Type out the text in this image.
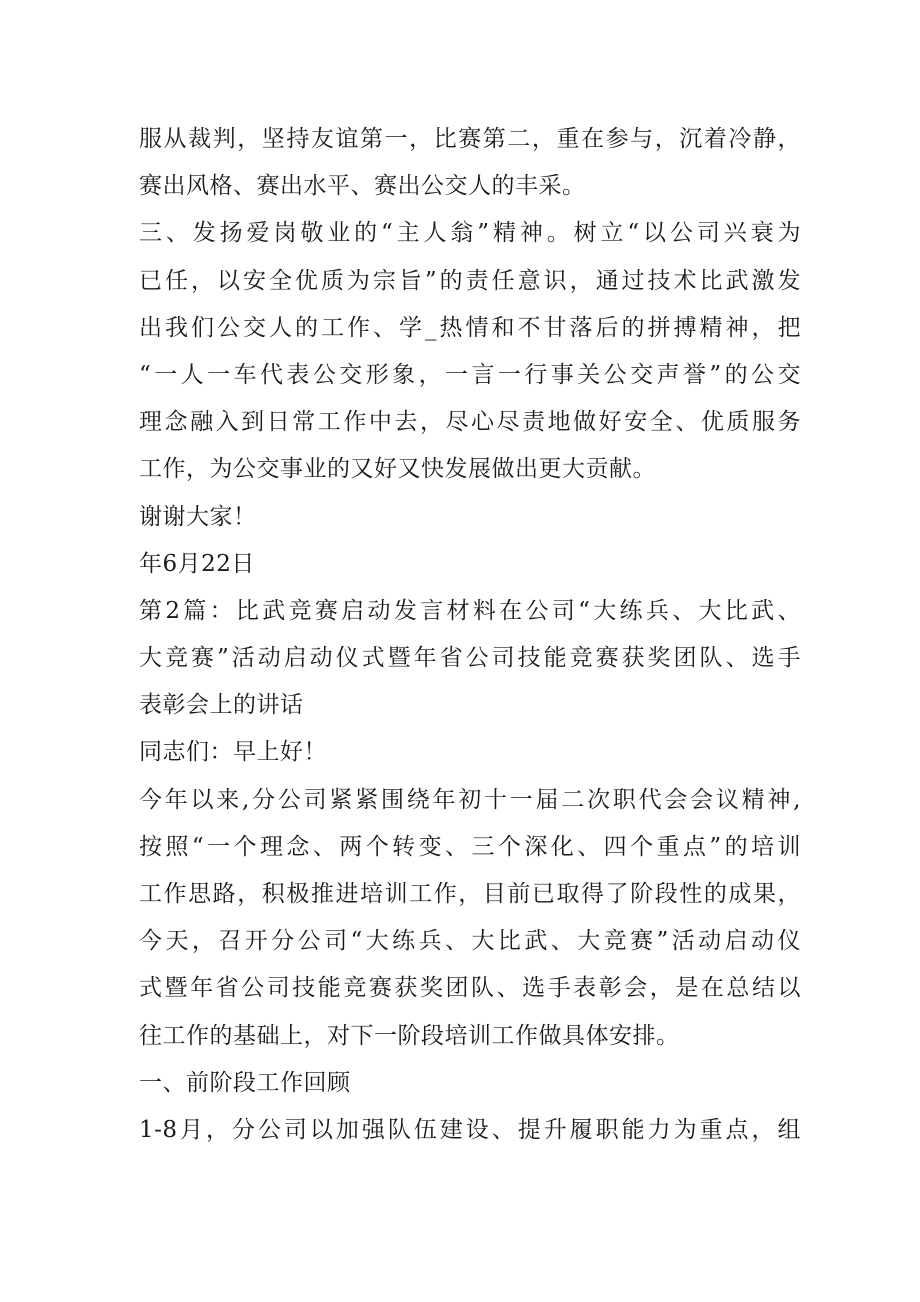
服从裁判，坚持友谊第一，比赛第二，重在参与，沉着冷静，
赛出风格、赛出水平、赛出公交人的丰采。
三、发扬爱岗敬业的“主人翁”精神。树立“以公司兴衰为
已任，以安全优质为宗旨”的责任意识，通过技术比武激发
出我们公交人的工作、学_热情和不甘落后的拼搏精神，把
“一人一车代表公交形象，一言一行事关公交声誉”的公交
理念融入到日常工作中去，尽心尽责地做好安全、优质服务
工作，为公交事业的又好又快发展做出更大贡献。
谢谢大家！
年6月22日
第2篇：比武竞赛启动发言材料在公司“大练兵、大比武、
大竞赛”活动启动仪式暨年省公司技能竞赛获奖团队、选手
表彰会上的讲话
同志们：早上好！
今年以来,分公司紧紧围绕年初十一届二次职代会会议精神,
按照“一个理念、两个转变、三个深化、四个重点”的培训
工作思路，积极推进培训工作，目前已取得了阶段性的成果，
今天，召开分公司“大练兵、大比武、大竞赛”活动启动仪
式暨年省公司技能竞赛获奖团队、选手表彰会，是在总结以
往工作的基础上，对下一阶段培训工作做具体安排。
一、前阶段工作回顾
1-8月，分公司以加强队伍建设、提升履职能力为重点，组
